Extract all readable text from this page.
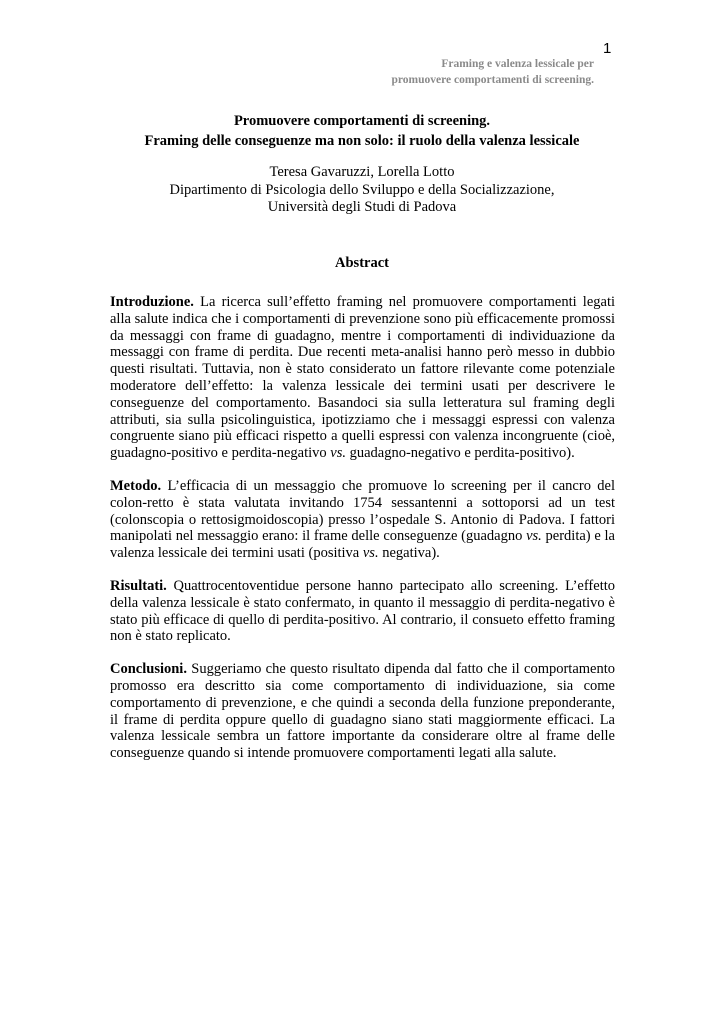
1
Framing e valenza lessicale per
promuovere comportamenti di screening.
Promuovere comportamenti di screening.
Framing delle conseguenze ma non solo: il ruolo della valenza lessicale
Teresa Gavaruzzi, Lorella Lotto
Dipartimento di Psicologia dello Sviluppo e della Socializzazione,
Università degli Studi di Padova
Abstract

Introduzione. La ricerca sull’effetto framing nel promuovere comportamenti legati alla salute indica che i comportamenti di prevenzione sono più efficacemente promossi da messaggi con frame di guadagno, mentre i comportamenti di individuazione da messaggi con frame di perdita. Due recenti meta-analisi hanno però messo in dubbio questi risultati. Tuttavia, non è stato considerato un fattore rilevante come potenziale moderatore dell’effetto: la valenza lessicale dei termini usati per descrivere le conseguenze del comportamento. Basandoci sia sulla letteratura sul framing degli attributi, sia sulla psicolinguistica, ipotizziamo che i messaggi espressi con valenza congruente siano più efficaci rispetto a quelli espressi con valenza incongruente (cioè, guadagno-positivo e perdita-negativo vs. guadagno-negativo e perdita-positivo).

Metodo. L’efficacia di un messaggio che promuove lo screening per il cancro del colon-retto è stata valutata invitando 1754 sessantenni a sottoporsi ad un test (colonscopia o rettosigmoidoscopia) presso l’ospedale S. Antonio di Padova. I fattori manipolati nel messaggio erano: il frame delle conseguenze (guadagno vs. perdita) e la valenza lessicale dei termini usati (positiva vs. negativa).

Risultati. Quattrocentoventidue persone hanno partecipato allo screening. L’effetto della valenza lessicale è stato confermato, in quanto il messaggio di perdita-negativo è stato più efficace di quello di perdita-positivo. Al contrario, il consueto effetto framing non è stato replicato.

Conclusioni. Suggeriamo che questo risultato dipenda dal fatto che il comportamento promosso era descritto sia come comportamento di individuazione, sia come comportamento di prevenzione, e che quindi a seconda della funzione preponderante, il frame di perdita oppure quello di guadagno siano stati maggiormente efficaci. La valenza lessicale sembra un fattore importante da considerare oltre al frame delle conseguenze quando si intende promuovere comportamenti legati alla salute.
